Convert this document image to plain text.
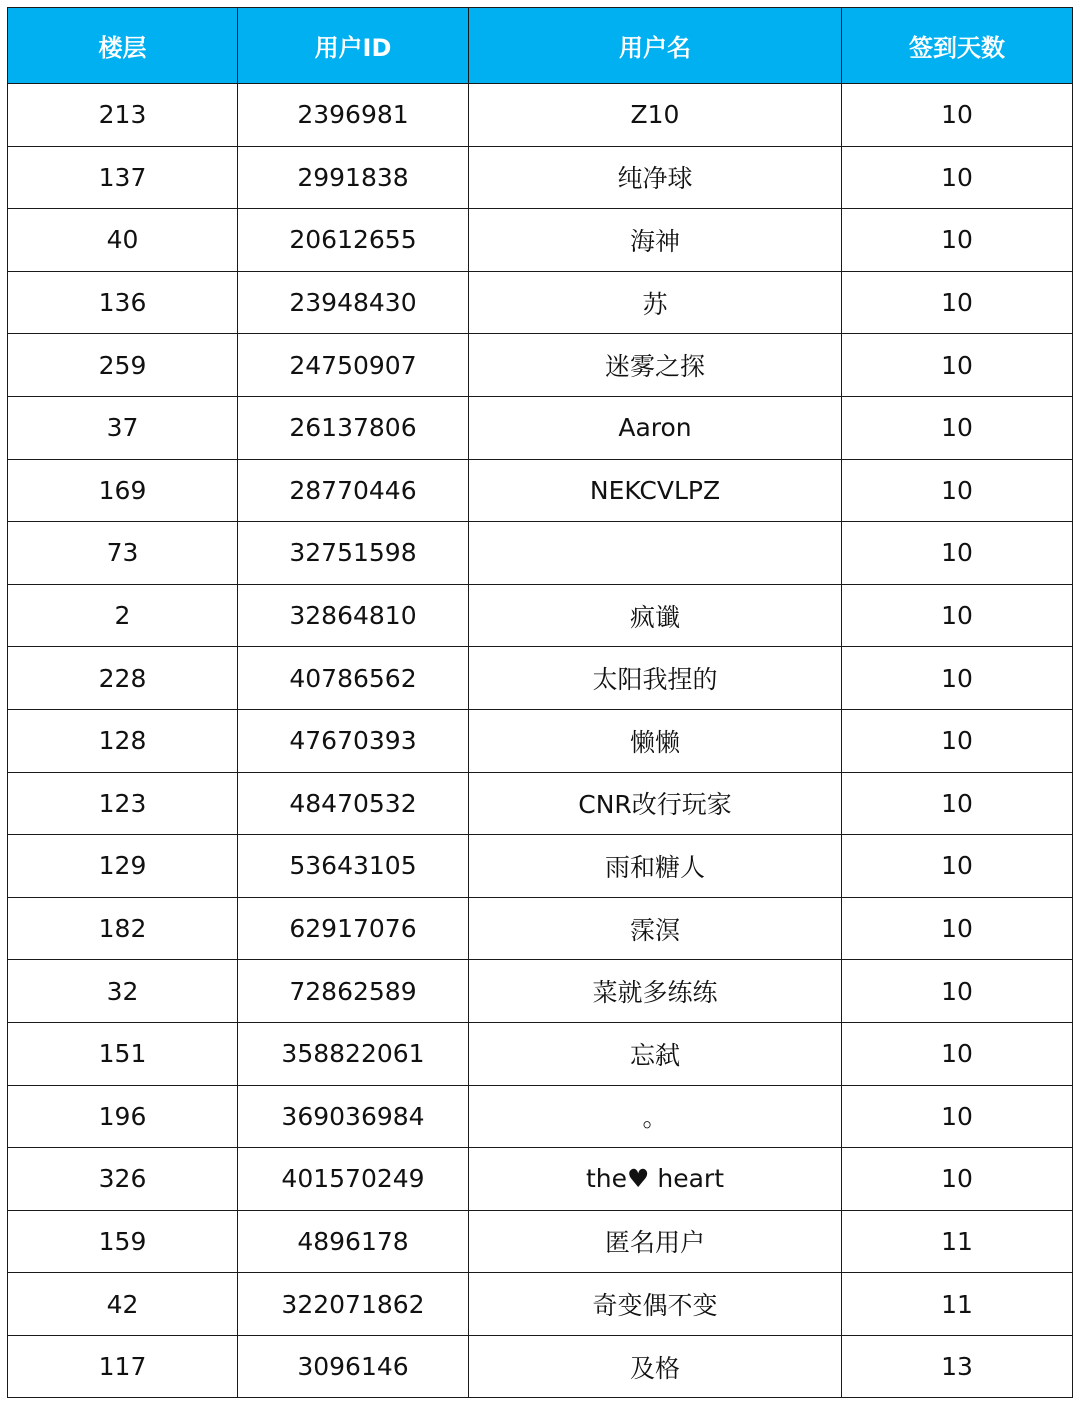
楼层	用户ID	用户名	签到天数
213	2396981	Z10	10
137	2991838	纯净球	10
40	20612655	海神	10
136	23948430	苏	10
259	24750907	迷雾之探	10
37	26137806	Aaron	10
169	28770446	NEKCVLPZ	10
73	32751598		10
2	32864810	疯谶	10
228	40786562	太阳我捏的	10
128	47670393	懒懒	10
123	48470532	CNR改行玩家	10
129	53643105	雨和糖人	10
182	62917076	霂溟	10
32	72862589	菜就多练练	10
151	358822061	忘弑	10
196	369036984	。	10
326	401570249	the♥ heart	10
159	4896178	匿名用户	11
42	322071862	奇变偶不变	11
117	3096146	及格	13
